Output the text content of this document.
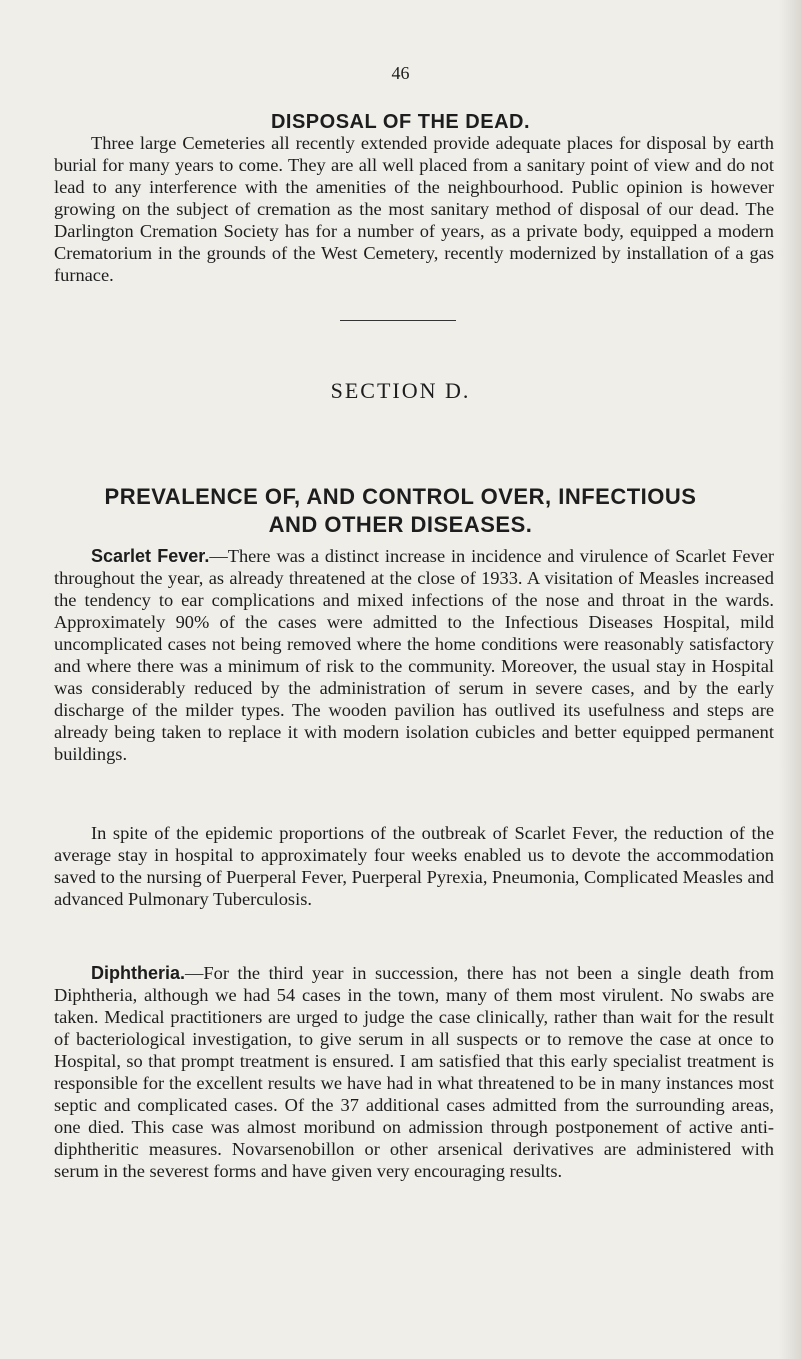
46
DISPOSAL OF THE DEAD.

Three large Cemeteries all recently extended provide adequate places for disposal by earth burial for many years to come. They are all well placed from a sanitary point of view and do not lead to any interference with the amenities of the neighbourhood. Public opinion is however growing on the subject of cremation as the most sanitary method of disposal of our dead. The Darlington Cremation Society has for a number of years, as a private body, equipped a modern Crematorium in the grounds of the West Cemetery, recently modernized by installation of a gas furnace.

SECTION D.
PREVALENCE OF, AND CONTROL OVER, INFECTIOUS
AND OTHER DISEASES.

Scarlet Fever.—There was a distinct increase in incidence and virulence of Scarlet Fever throughout the year, as already threatened at the close of 1933. A visitation of Measles increased the tendency to ear complications and mixed infections of the nose and throat in the wards. Approximately 90% of the cases were admitted to the Infectious Diseases Hospital, mild uncomplicated cases not being removed where the home conditions were reasonably satisfactory and where there was a minimum of risk to the community. Moreover, the usual stay in Hospital was considerably reduced by the administration of serum in severe cases, and by the early discharge of the milder types. The wooden pavilion has outlived its usefulness and steps are already being taken to replace it with modern isolation cubicles and better equipped permanent buildings.

In spite of the epidemic proportions of the outbreak of Scarlet Fever, the reduction of the average stay in hospital to approximately four weeks enabled us to devote the accommodation saved to the nursing of Puerperal Fever, Puerperal Pyrexia, Pneumonia, Complicated Measles and advanced Pulmonary Tuberculosis.

Diphtheria.—For the third year in succession, there has not been a single death from Diphtheria, although we had 54 cases in the town, many of them most virulent. No swabs are taken. Medical practitioners are urged to judge the case clinically, rather than wait for the result of bacteriological investigation, to give serum in all suspects or to remove the case at once to Hospital, so that prompt treatment is ensured. I am satisfied that this early specialist treatment is responsible for the excellent results we have had in what threatened to be in many instances most septic and complicated cases. Of the 37 additional cases admitted from the surrounding areas, one died. This case was almost moribund on admission through postponement of active anti-diphtheritic measures. Novarsenobillon or other arsenical derivatives are administered with serum in the severest forms and have given very encouraging results.
